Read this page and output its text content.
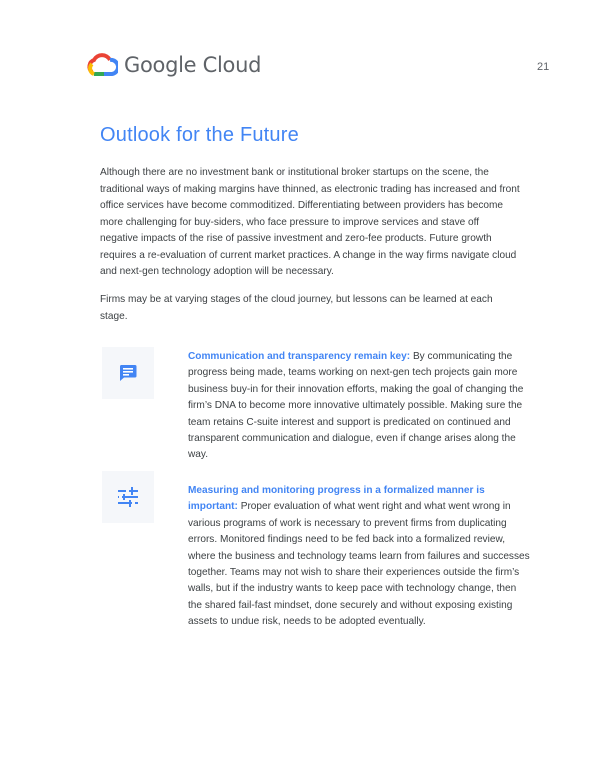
Google Cloud	21
Outlook for the Future

Although there are no investment bank or institutional broker startups on the scene, the traditional ways of making margins have thinned, as electronic trading has increased and front office services have become commoditized. Differentiating between providers has become more challenging for buy-siders, who face pressure to improve services and stave off negative impacts of the rise of passive investment and zero-fee products. Future growth requires a re-evaluation of current market practices. A change in the way firms navigate cloud and next-gen technology adoption will be necessary.

Firms may be at varying stages of the cloud journey, but lessons can be learned at each stage.

Communication and transparency remain key: By communicating the progress being made, teams working on next-gen tech projects gain more business buy-in for their innovation efforts, making the goal of changing the firm’s DNA to become more innovative ultimately possible. Making sure the team retains C-suite interest and support is predicated on continued and transparent communication and dialogue, even if change arises along the way.

Measuring and monitoring progress in a formalized manner is important: Proper evaluation of what went right and what went wrong in various programs of work is necessary to prevent firms from duplicating errors. Monitored findings need to be fed back into a formalized review, where the business and technology teams learn from failures and successes together. Teams may not wish to share their experiences outside the firm’s walls, but if the industry wants to keep pace with technology change, then the shared fail-fast mindset, done securely and without exposing existing assets to undue risk, needs to be adopted eventually.
